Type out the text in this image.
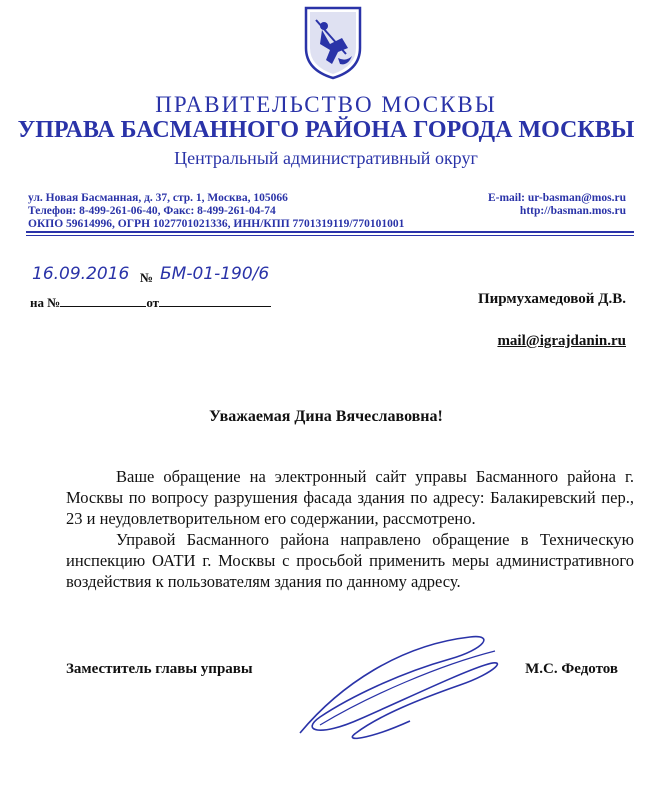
ПРАВИТЕЛЬСТВО МОСКВЫ
УПРАВА БАСМАННОГО РАЙОНА ГОРОДА МОСКВЫ
Центральный административный округ
ул. Новая Басманная, д. 37, стр. 1, Москва, 105066
Телефон: 8-499-261-06-40, Факс: 8-499-261-04-74
ОКПО 59614996, ОГРН 1027701021336, ИНН/КПП 7701319119/770101001
E-mail: ur-basman@mos.ru
http://basman.mos.ru
16.09.2016 № БМ-01-190/6
на №	от	Пирмухамедовой Д.В.
mail@igrajdanin.ru
Уважаемая Дина Вячеславовна!

Ваше обращение на электронный сайт управы Басманного района г. Москвы по вопросу разрушения фасада здания по адресу: Балакиревский пер., 23 и неудовлетворительном его содержании, рассмотрено.

Управой Басманного района направлено обращение в Техническую инспекцию ОАТИ г. Москвы с просьбой применить меры административного воздействия к пользователям здания по данному адресу.

Заместитель главы управы	М.С. Федотов
